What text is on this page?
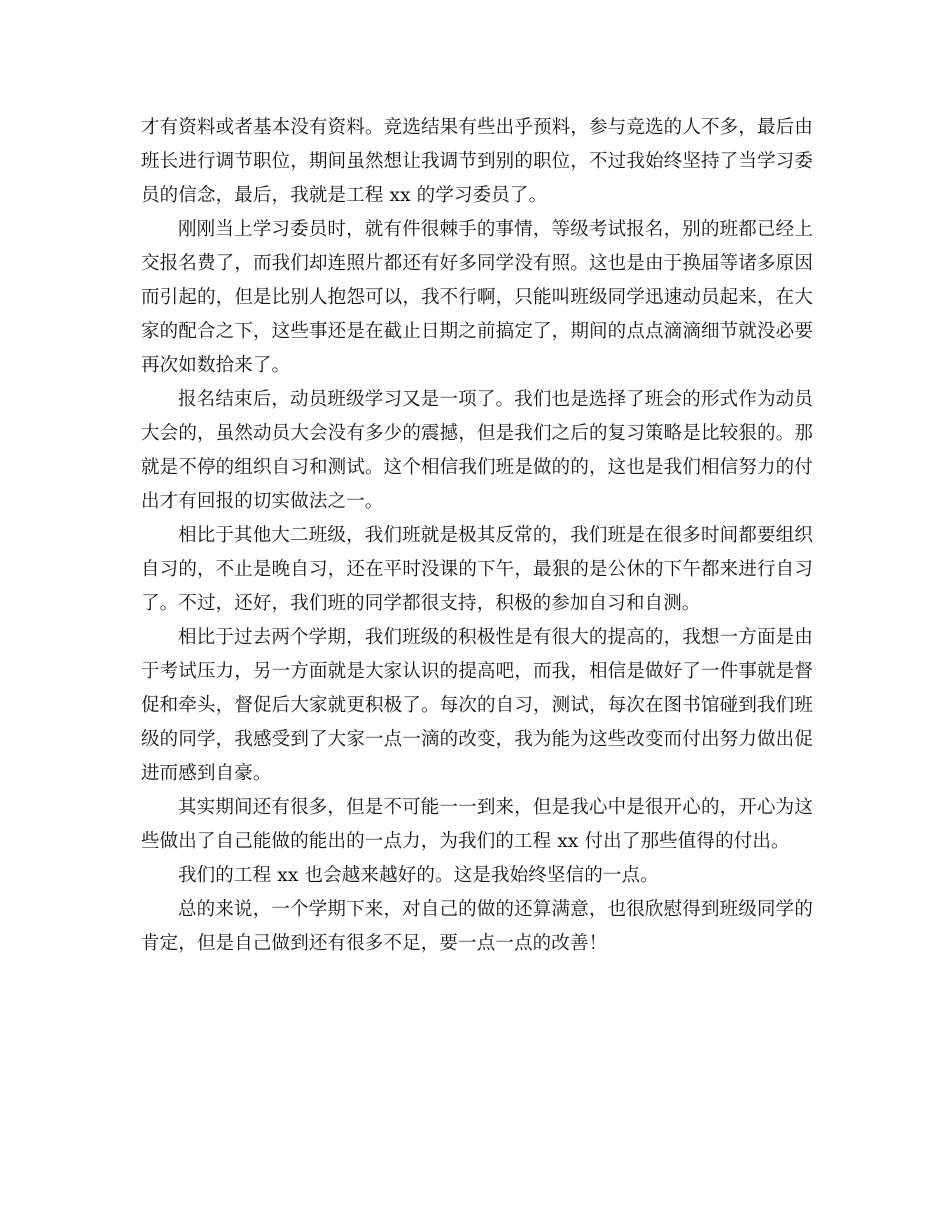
才有资料或者基本没有资料。竞选结果有些出乎预料，参与竞选的人不多，最后由班长进行调节职位，期间虽然想让我调节到别的职位，不过我始终坚持了当学习委员的信念，最后，我就是工程 xx 的学习委员了。

刚刚当上学习委员时，就有件很棘手的事情，等级考试报名，别的班都已经上交报名费了，而我们却连照片都还有好多同学没有照。这也是由于换届等诸多原因而引起的，但是比别人抱怨可以，我不行啊，只能叫班级同学迅速动员起来，在大家的配合之下，这些事还是在截止日期之前搞定了，期间的点点滴滴细节就没必要再次如数拾来了。

报名结束后，动员班级学习又是一项了。我们也是选择了班会的形式作为动员大会的，虽然动员大会没有多少的震撼，但是我们之后的复习策略是比较狠的。那就是不停的组织自习和测试。这个相信我们班是做的的，这也是我们相信努力的付出才有回报的切实做法之一。

相比于其他大二班级，我们班就是极其反常的，我们班是在很多时间都要组织自习的，不止是晚自习，还在平时没课的下午，最狠的是公休的下午都来进行自习了。不过，还好，我们班的同学都很支持，积极的参加自习和自测。

相比于过去两个学期，我们班级的积极性是有很大的提高的，我想一方面是由于考试压力，另一方面就是大家认识的提高吧，而我，相信是做好了一件事就是督促和牵头，督促后大家就更积极了。每次的自习，测试，每次在图书馆碰到我们班级的同学，我感受到了大家一点一滴的改变，我为能为这些改变而付出努力做出促进而感到自豪。

其实期间还有很多，但是不可能一一到来，但是我心中是很开心的，开心为这些做出了自己能做的能出的一点力，为我们的工程 xx 付出了那些值得的付出。

我们的工程 xx 也会越来越好的。这是我始终坚信的一点。

总的来说，一个学期下来，对自己的做的还算满意，也很欣慰得到班级同学的肯定，但是自己做到还有很多不足，要一点一点的改善！
